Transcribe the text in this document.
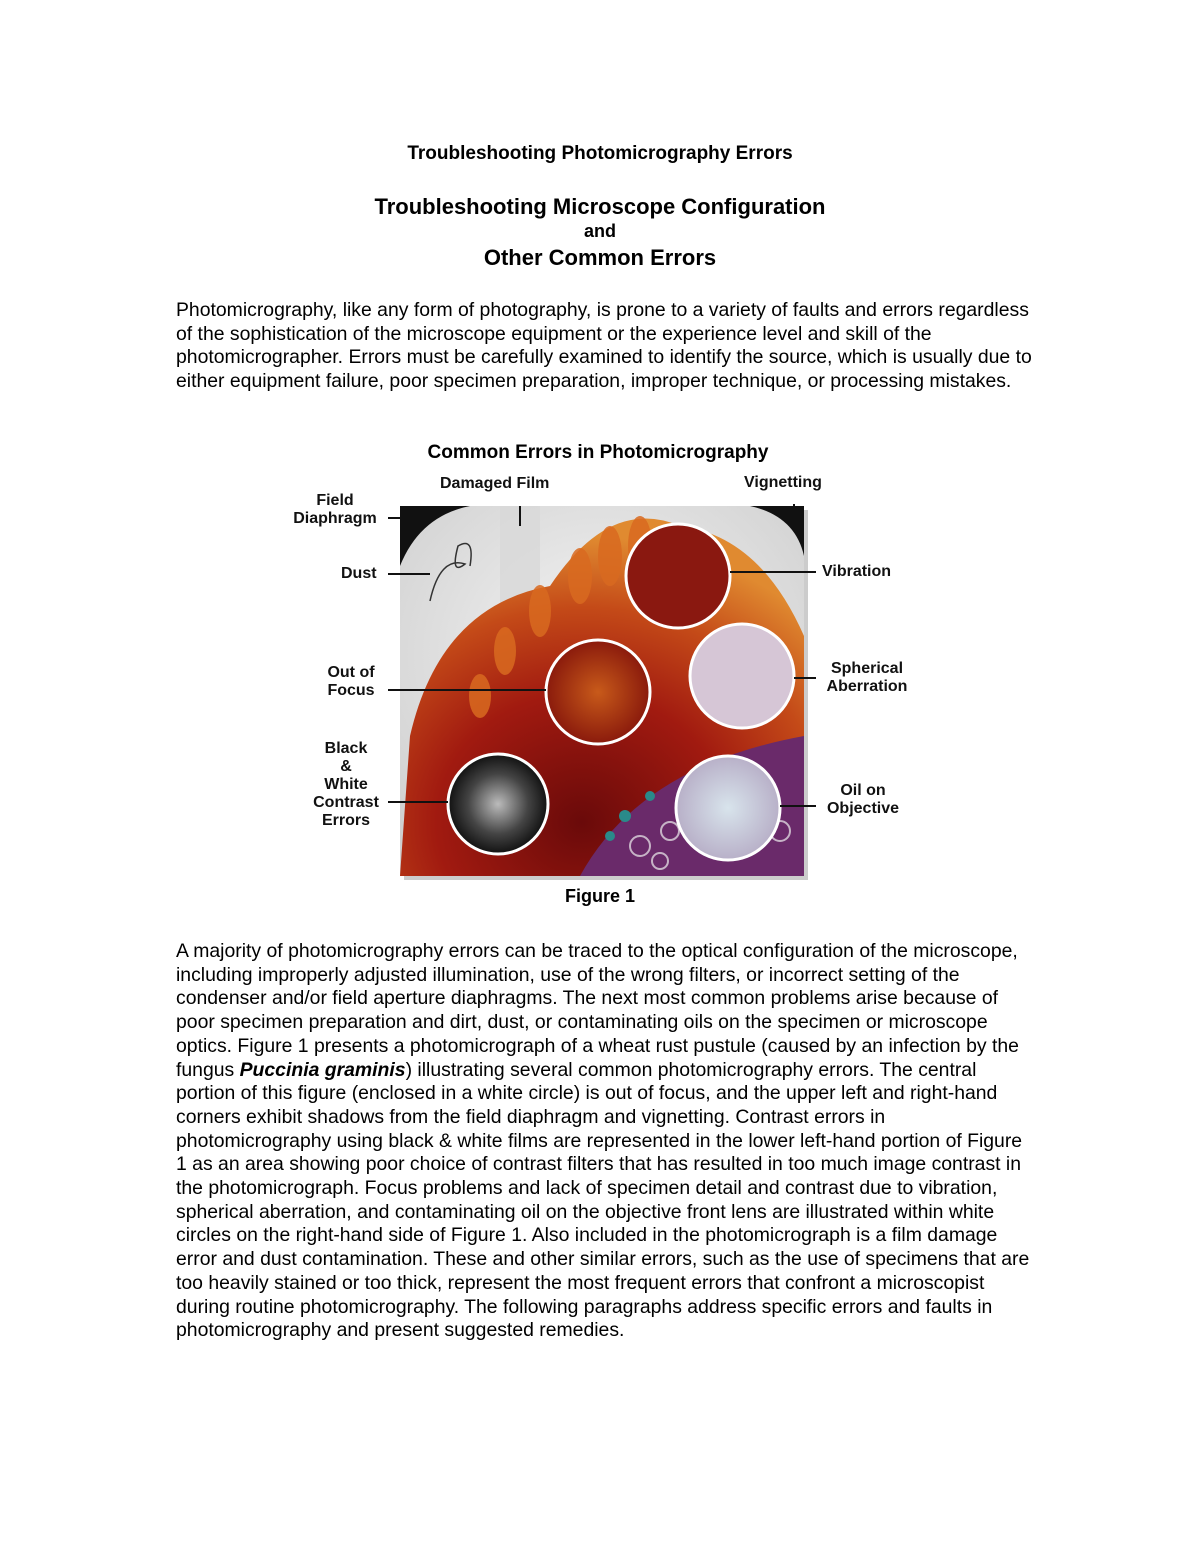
Troubleshooting Photomicrography Errors
Troubleshooting Microscope Configuration
and
Other Common Errors

Photomicrography, like any form of photography, is prone to a variety of faults and errors regardless of the sophistication of the microscope equipment or the experience level and skill of the photomicrographer. Errors must be carefully examined to identify the source, which is usually due to either equipment failure, poor specimen preparation, improper technique, or processing mistakes.

Common Errors in Photomicrography
Damaged Film	Vignetting
Field
Diaphragm
Dust	Vibration
Spherical
Aberration
Out of
Focus
Black
&
White
Contrast
Errors
Oil on
Objective
Figure 1

A majority of photomicrography errors can be traced to the optical configuration of the microscope, including improperly adjusted illumination, use of the wrong filters, or incorrect setting of the condenser and/or field aperture diaphragms. The next most common problems arise because of poor specimen preparation and dirt, dust, or contaminating oils on the specimen or microscope optics. Figure 1 presents a photomicrograph of a wheat rust pustule (caused by an infection by the fungus Puccinia graminis) illustrating several common photomicrography errors. The central portion of this figure (enclosed in a white circle) is out of focus, and the upper left and right-hand corners exhibit shadows from the field diaphragm and vignetting. Contrast errors in photomicrography using black & white films are represented in the lower left-hand portion of Figure 1 as an area showing poor choice of contrast filters that has resulted in too much image contrast in the photomicrograph. Focus problems and lack of specimen detail and contrast due to vibration, spherical aberration, and contaminating oil on the objective front lens are illustrated within white circles on the right-hand side of Figure 1. Also included in the photomicrograph is a film damage error and dust contamination. These and other similar errors, such as the use of specimens that are too heavily stained or too thick, represent the most frequent errors that confront a microscopist during routine photomicrography. The following paragraphs address specific errors and faults in photomicrography and present suggested remedies.
